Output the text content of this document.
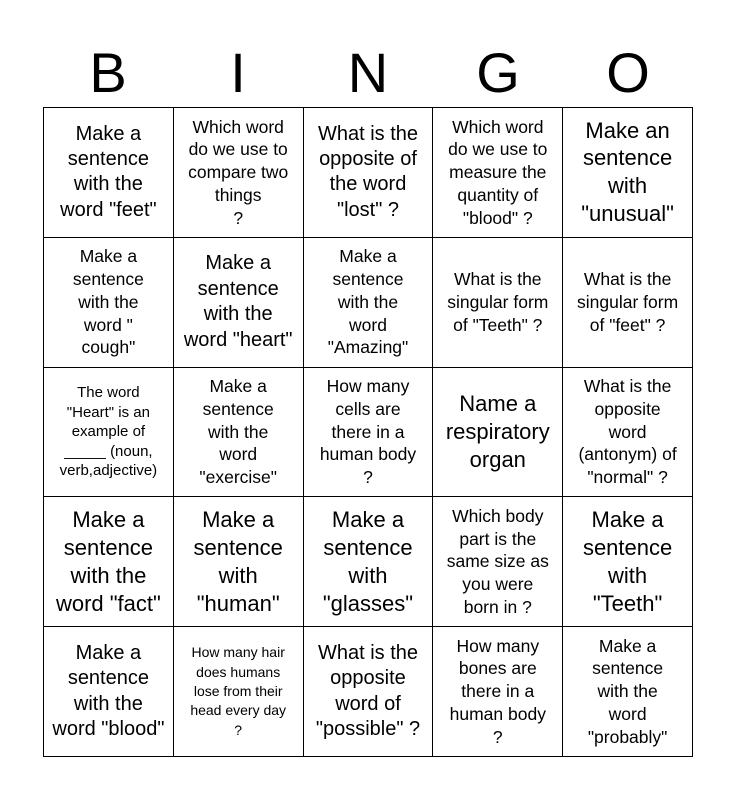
B	I	N	G	O
Make a
sentence
with the
word "feet"
Which word
do we use to
compare two
things
?
What is the
opposite of
the word
"lost" ?
Which word
do we use to
measure the
quantity of
"blood" ?
Make an
sentence
with
"unusual"
Make a
sentence
with the
word "
cough"
Make a
sentence
with the
word "heart"
Make a
sentence
with the
word
"Amazing"
What is the
singular form
of "Teeth" ?
What is the
singular form
of "feet" ?
The word
"Heart" is an
example of
_____ (noun,
verb,adjective)
Make a
sentence
with the
word
"exercise"
How many
cells are
there in a
human body
?
Name a
respiratory
organ
What is the
opposite
word
(antonym) of
"normal" ?
Make a
sentence
with the
word "fact"
Make a
sentence
with
"human"
Make a
sentence
with
"glasses"
Which body
part is the
same size as
you were
born in ?
Make a
sentence
with
"Teeth"
Make a
sentence
with the
word "blood"
How many hair
does humans
lose from their
head every day
?
What is the
opposite
word of
"possible" ?
How many
bones are
there in a
human body
?
Make a
sentence
with the
word
"probably"
